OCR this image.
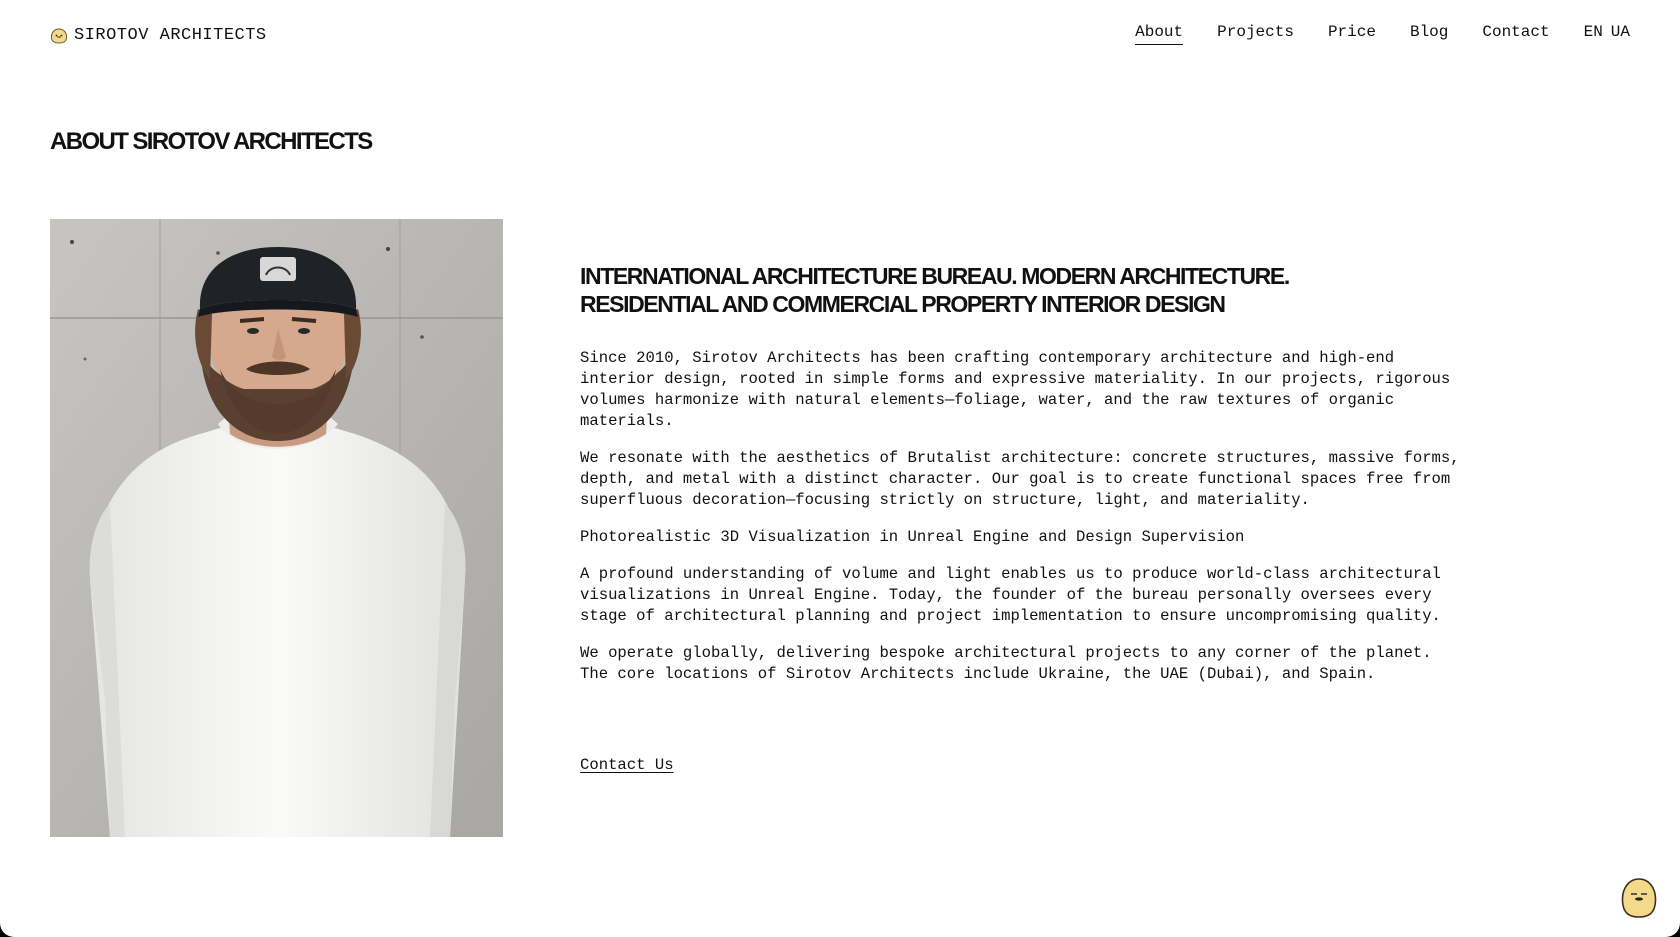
SIROTOV ARCHITECTS	About Projects Price Blog Contact EN UA
ABOUT SIROTOV ARCHITECTS
INTERNATIONAL ARCHITECTURE BUREAU. MODERN ARCHITECTURE.
RESIDENTIAL AND COMMERCIAL PROPERTY INTERIOR DESIGN

Since 2010, Sirotov Architects has been crafting contemporary architecture and high-end
interior design, rooted in simple forms and expressive materiality. In our projects, rigorous
volumes harmonize with natural elements—foliage, water, and the raw textures of organic
materials.

We resonate with the aesthetics of Brutalist architecture: concrete structures, massive forms,
depth, and metal with a distinct character. Our goal is to create functional spaces free from
superfluous decoration—focusing strictly on structure, light, and materiality.

Photorealistic 3D Visualization in Unreal Engine and Design Supervision

A profound understanding of volume and light enables us to produce world-class architectural
visualizations in Unreal Engine. Today, the founder of the bureau personally oversees every
stage of architectural planning and project implementation to ensure uncompromising quality.

We operate globally, delivering bespoke architectural projects to any corner of the planet.
The core locations of Sirotov Architects include Ukraine, the UAE (Dubai), and Spain.

Contact Us
